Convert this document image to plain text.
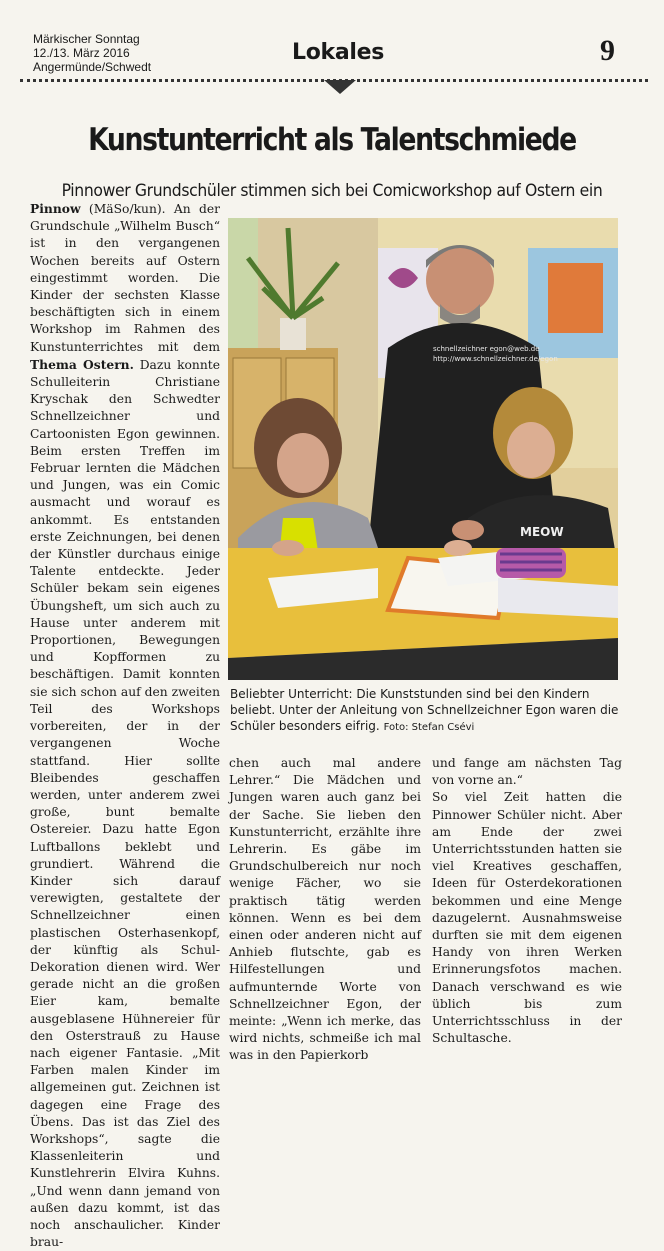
Märkischer Sonntag
12./13. März 2016
Angermünde/Schwedt
Lokales	9
Kunstunterricht als Talentschmiede
Pinnower Grundschüler stimmen sich bei Comicworkshop auf Ostern ein

Pinnow (MäSo/kun). An der Grundschule „Wilhelm Busch“ ist in den vergangenen Wochen bereits auf Ostern eingestimmt worden. Die Kinder der sechsten Klasse beschäftigten sich in einem Workshop im Rahmen des Kunstunterrichtes mit dem Thema Ostern. Dazu konnte Schulleiterin Christiane Kryschak den Schwedter Schnellzeichner und Cartoonisten Egon gewinnen. Beim ersten Treffen im Februar lernten die Mädchen und Jungen, was ein Comic ausmacht und worauf es ankommt. Es entstanden erste Zeichnungen, bei denen der Künstler durchaus einige Talente entdeckte. Jeder Schüler bekam sein eigenes Übungsheft, um sich auch zu Hause unter anderem mit Proportionen, Bewegungen und Kopfformen zu beschäftigen. Damit konnten sie sich schon auf den zweiten Teil des Workshops vorbereiten, der in der vergangenen Woche stattfand. Hier sollte Bleibendes geschaffen werden, unter anderem zwei große, bunt bemalte Ostereier. Dazu hatte Egon Luftballons beklebt und grundiert. Während die Kinder sich darauf verewigten, gestaltete der Schnellzeichner einen plastischen Osterhasenkopf, der künftig als Schul-Dekoration dienen wird. Wer gerade nicht an die großen Eier kam, bemalte ausgeblasene Hühnereier für den Osterstrauß zu Hause nach eigener Fantasie. „Mit Farben malen Kinder im allgemeinen gut. Zeichnen ist dagegen eine Frage des Übens. Das ist das Ziel des Workshops“, sagte die Klassenleiterin und Kunstlehrerin Elvira Kuhns. „Und wenn dann jemand von außen dazu kommt, ist das noch anschaulicher. Kinder brau-

schnellzeichner egon@web.de
http://www.schnellzeichner.de/egon
MEOW
Beliebter Unterricht: Die Kunststunden sind bei den Kindern beliebt. Unter der Anleitung von Schnellzeichner Egon waren die Schüler besonders eifrig. Foto: Stefan Csévi

chen auch mal andere Lehrer.“ Die Mädchen und Jungen waren auch ganz bei der Sache. Sie lieben den Kunstunterricht, erzählte ihre Lehrerin. Es gäbe im Grundschulbereich nur noch wenige Fächer, wo sie praktisch tätig werden können. Wenn es bei dem einen oder anderen nicht auf Anhieb flutschte, gab es Hilfestellungen und aufmunternde Worte von Schnellzeichner Egon, der meinte: „Wenn ich merke, das wird nichts, schmeiße ich mal was in den Papierkorb

und fange am nächsten Tag von vorne an.“

So viel Zeit hatten die Pinnower Schüler nicht. Aber am Ende der zwei Unterrichtsstunden hatten sie viel Kreatives geschaffen, Ideen für Osterdekorationen bekommen und eine Menge dazugelernt. Ausnahmsweise durften sie mit dem eigenen Handy von ihren Werken Erinnerungsfotos machen. Danach verschwand es wie üblich bis zum Unterrichtsschluss in der Schultasche.
